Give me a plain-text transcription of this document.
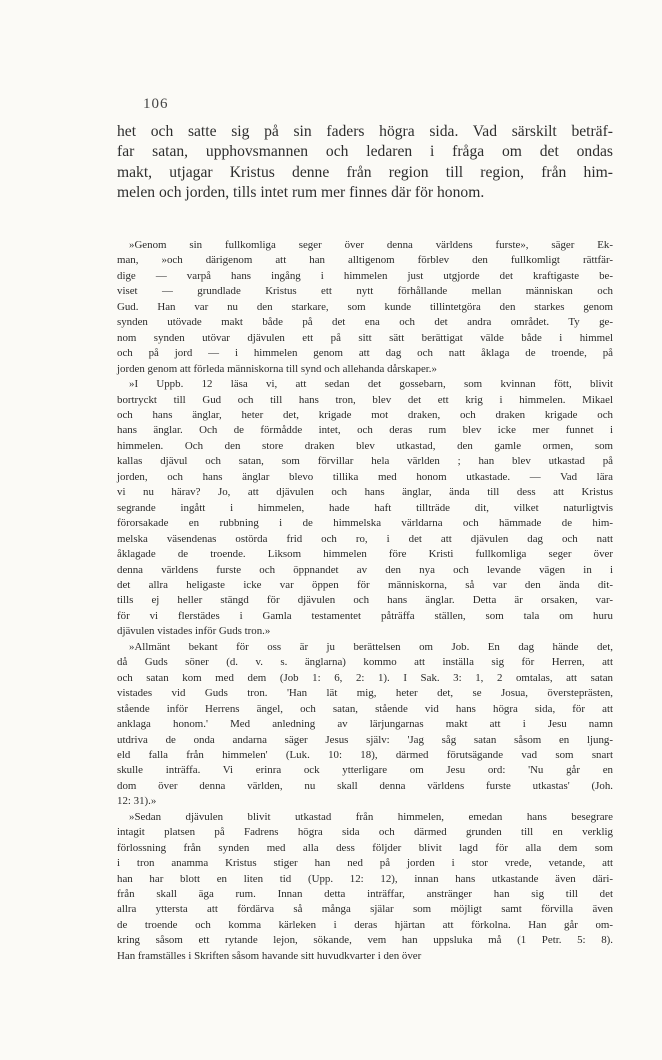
106
het och satte sig på sin faders högra sida. Vad särskilt beträf-
far satan, upphovsmannen och ledaren i fråga om det ondas
makt, utjagar Kristus denne från region till region, från him-
melen och jorden, tills intet rum mer finnes där för honom.
»Genom sin fullkomliga seger över denna världens furste», säger Ek-
man, »och därigenom att han alltigenom förblev den fullkomligt rättfär-
dige — varpå hans ingång i himmelen just utgjorde det kraftigaste be-
viset — grundlade Kristus ett nytt förhållande mellan människan och
Gud. Han var nu den starkare, som kunde tillintetgöra den starkes genom
synden utövade makt både på det ena och det andra området. Ty ge-
nom synden utövar djävulen ett på sitt sätt berättigat välde både i himmel
och på jord — i himmelen genom att dag och natt åklaga de troende, på
jorden genom att förleda människorna till synd och allehanda dårskaper.»
»I Uppb. 12 läsa vi, att sedan det gossebarn, som kvinnan fött, blivit
bortryckt till Gud och till hans tron, blev det ett krig i himmelen. Mikael
och hans änglar, heter det, krigade mot draken, och draken krigade och
hans änglar. Och de förmådde intet, och deras rum blev icke mer funnet i
himmelen. Och den store draken blev utkastad, den gamle ormen, som
kallas djävul och satan, som förvillar hela världen ; han blev utkastad på
jorden, och hans änglar blevo tillika med honom utkastade. — Vad lära
vi nu härav? Jo, att djävulen och hans änglar, ända till dess att Kristus
segrande ingått i himmelen, hade haft tillträde dit, vilket naturligtvis
förorsakade en rubbning i de himmelska världarna och hämmade de him-
melska väsendenas ostörda frid och ro, i det att djävulen dag och natt
åklagade de troende. Liksom himmelen före Kristi fullkomliga seger över
denna världens furste och öppnandet av den nya och levande vägen in i
det allra heligaste icke var öppen för människorna, så var den ända dit-
tills ej heller stängd för djävulen och hans änglar. Detta är orsaken, var-
för vi flerstädes i Gamla testamentet påträffa ställen, som tala om huru
djävulen vistades inför Guds tron.»
»Allmänt bekant för oss är ju berättelsen om Job. En dag hände det,
då Guds söner (d. v. s. änglarna) kommo att inställa sig för Herren, att
och satan kom med dem (Job 1: 6, 2: 1). I Sak. 3: 1, 2 omtalas, att satan
vistades vid Guds tron. 'Han lät mig, heter det, se Josua, översteprästen,
stående inför Herrens ängel, och satan, stående vid hans högra sida, för att
anklaga honom.' Med anledning av lärjungarnas makt att i Jesu namn
utdriva de onda andarna säger Jesus själv: 'Jag såg satan såsom en ljung-
eld falla från himmelen' (Luk. 10: 18), därmed förutsägande vad som snart
skulle inträffa. Vi erinra ock ytterligare om Jesu ord: 'Nu går en
dom över denna världen, nu skall denna världens furste utkastas' (Joh.
12: 31).»
»Sedan djävulen blivit utkastad från himmelen, emedan hans besegrare
intagit platsen på Fadrens högra sida och därmed grunden till en verklig
förlossning från synden med alla dess följder blivit lagd för alla dem som
i tron anamma Kristus stiger han ned på jorden i stor vrede, vetande, att
han har blott en liten tid (Upp. 12: 12), innan hans utkastande även däri-
från skall äga rum. Innan detta inträffar, anstränger han sig till det
allra yttersta att fördärva så många själar som möjligt samt förvilla även
de troende och komma kärleken i deras hjärtan att förkolna. Han går om-
kring såsom ett rytande lejon, sökande, vem han uppsluka må (1 Petr. 5: 8).
Han framställes i Skriften såsom havande sitt huvudkvarter i den över
